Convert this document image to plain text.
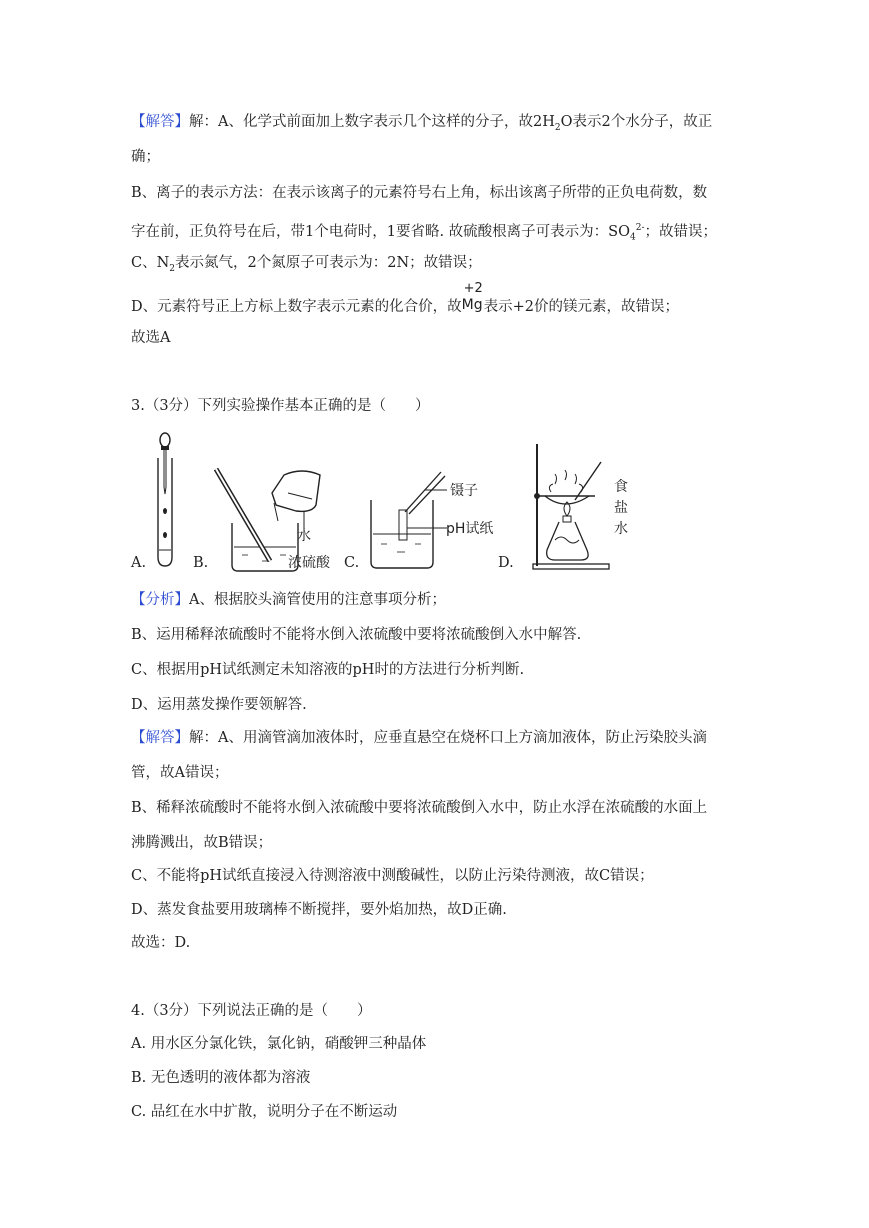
【解答】解：A、化学式前面加上数字表示几个这样的分子，故$2H_2O$表示2个水分子，故正
确；
B、离子的表示方法：在表示该离子的元素符号右上角，标出该离子所带的正负电荷数，数
字在前，正负符号在后，带1个电荷时，1要省略. 故硫酸根离子可表示为：$SO_4^{2-}$；故错误；
C、$N_2$表示氮气，2个氮原子可表示为：2N；故错误；
D、元素符号正上方标上数字表示元素的化合价，故
+2
Mg 表示+2价的镁元素，故错误；
故选A
3.（3分）下列实验操作基本正确的是（　　）
A.
水
B.	浓硫酸 C.
镊子
pH试纸
D.
食
盐
水
【分析】A、根据胶头滴管使用的注意事项分析；
B、运用稀释浓硫酸时不能将水倒入浓硫酸中要将浓硫酸倒入水中解答.
C、根据用pH试纸测定未知溶液的pH时的方法进行分析判断.
D、运用蒸发操作要领解答.
【解答】解：A、用滴管滴加液体时，应垂直悬空在烧杯口上方滴加液体，防止污染胶头滴
管，故A错误；
B、稀释浓硫酸时不能将水倒入浓硫酸中要将浓硫酸倒入水中，防止水浮在浓硫酸的水面上
沸腾溅出，故B错误；
C、不能将pH试纸直接浸入待测溶液中测酸碱性，以防止污染待测液，故C错误；
D、蒸发食盐要用玻璃棒不断搅拌，要外焰加热，故D正确.
故选：D.
4.（3分）下列说法正确的是（　　）
A. 用水区分氯化铁，氯化钠，硝酸钾三种晶体
B. 无色透明的液体都为溶液
C. 品红在水中扩散，说明分子在不断运动
